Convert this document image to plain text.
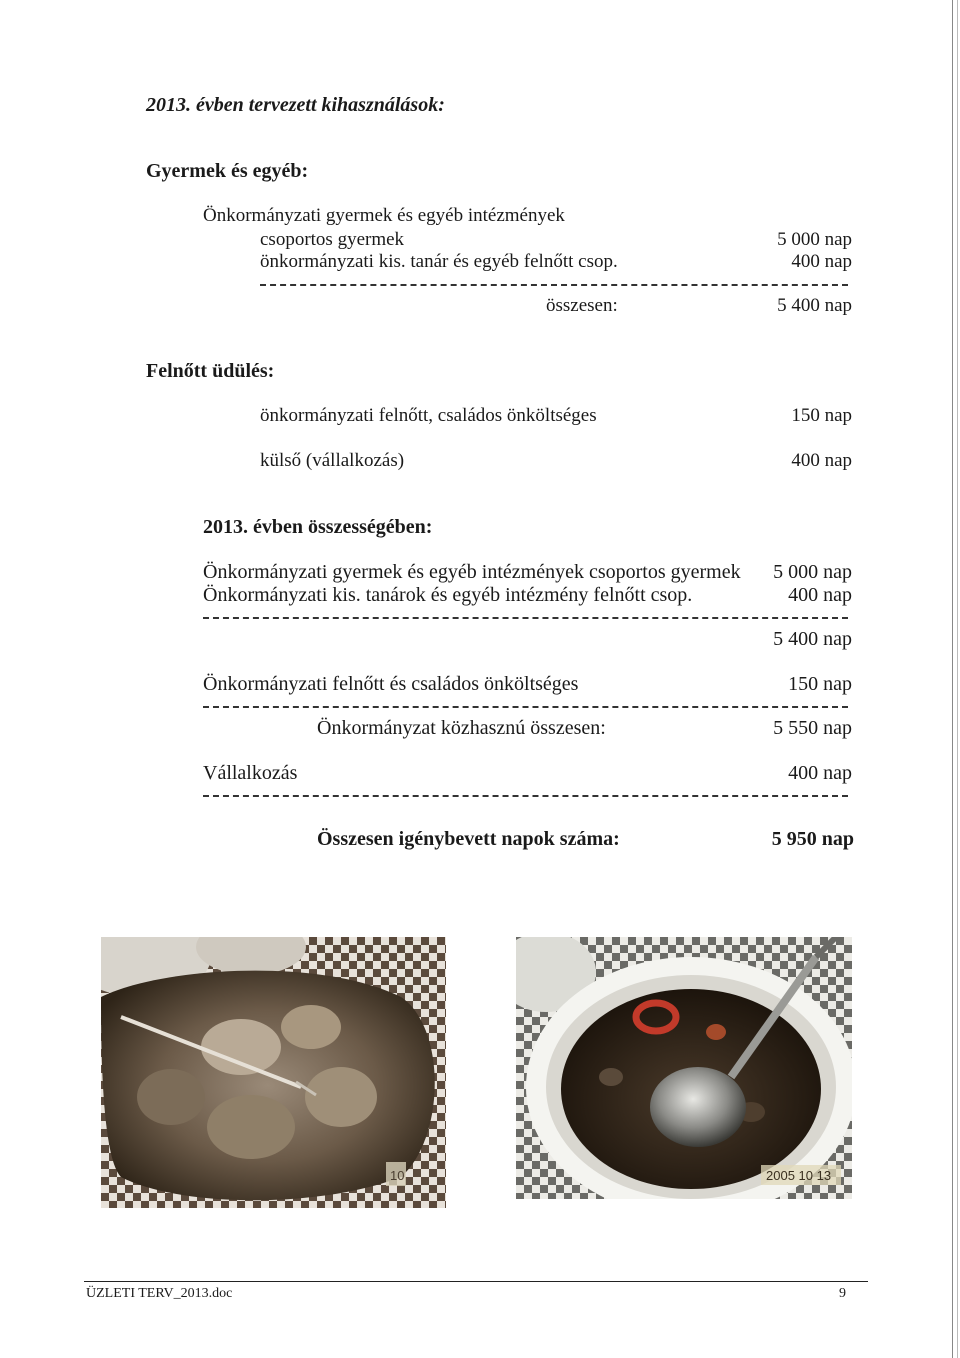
2013. évben tervezett kihasználások:
Gyermek és egyéb:
Önkormányzati gyermek és egyéb intézmények
csoportos gyermek	5 000 nap
önkormányzati kis. tanár és egyéb felnőtt csop.	400 nap
összesen:	5 400 nap
Felnőtt üdülés:
önkormányzati felnőtt, családos önköltséges	150 nap
külső (vállalkozás)	400 nap
2013. évben összességében:
Önkormányzati gyermek és egyéb intézmények csoportos gyermek 5 000 nap
Önkormányzati kis. tanárok és egyéb intézmény felnőtt csop.	400 nap
5 400 nap
Önkormányzati felnőtt és családos önköltséges	150 nap
Önkormányzat közhasznú összesen:	5 550 nap
Vállalkozás	400 nap
Összesen igénybevett napok száma:	5 950 nap
10	2005 10 13
ÜZLETI TERV_2013.doc	9
